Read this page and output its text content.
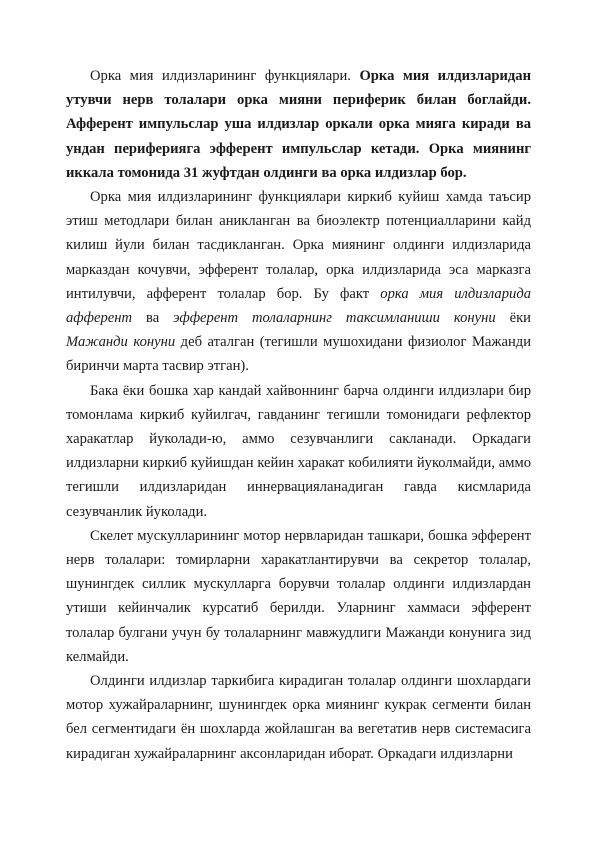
Орка мия илдизларининг функциялари. Орка мия илдизларидан утувчи нерв толалари орка мияни периферик билан боглайди. Афферент импульслар уша илдизлар оркали орка мияга киради ва ундан периферияга эфферент импульслар кетади. Орка миянинг иккала томонида 31 жуфтдан олдинги ва орка илдизлар бор.

Орка мия илдизларининг функциялари киркиб куйиш хамда таъсир этиш методлари билан аникланган ва биоэлектр потенциалларини кайд килиш йули билан тасдикланган. Орка миянинг олдинги илдизларида марказдан кочувчи, эфферент толалар, орка илдизларида эса марказга интилувчи, афферент толалар бор. Бу факт орка мия илдизларида афферент ва эфферент толаларнинг таксимланиши конуни ёки Мажанди конуни деб аталган (тегишли мушохидани физиолог Мажанди биринчи марта тасвир этган).

Бака ёки бошка хар кандай хайвоннинг барча олдинги илдизлари бир томонлама киркиб куйилгач, гавданинг тегишли томонидаги рефлектор харакатлар йуколади-ю, аммо сезувчанлиги сакланади. Оркадаги илдизларни киркиб куйишдан кейин харакат кобилияти йуколмайди, аммо тегишли илдизларидан иннервацияланадиган гавда кисмларида сезувчанлик йуколади.

Скелет мускулларининг мотор нервларидан ташкари, бошка эфферент нерв толалари: томирларни харакатлантирувчи ва секретор толалар, шунингдек силлик мускулларга борувчи толалар олдинги илдизлардан утиши кейинчалик курсатиб берилди. Уларнинг хаммаси эфферент толалар булгани учун бу толаларнинг мавжудлиги Мажанди конунига зид келмайди.

Олдинги илдизлар таркибига кирадиган толалар олдинги шохлардаги мотор хужайраларнинг, шунингдек орка миянинг кукрак сегменти билан бел сегментидаги ён шохларда жойлашган ва вегетатив нерв системасига кирадиган хужайраларнинг аксонларидан иборат. Оркадаги илдизларни
